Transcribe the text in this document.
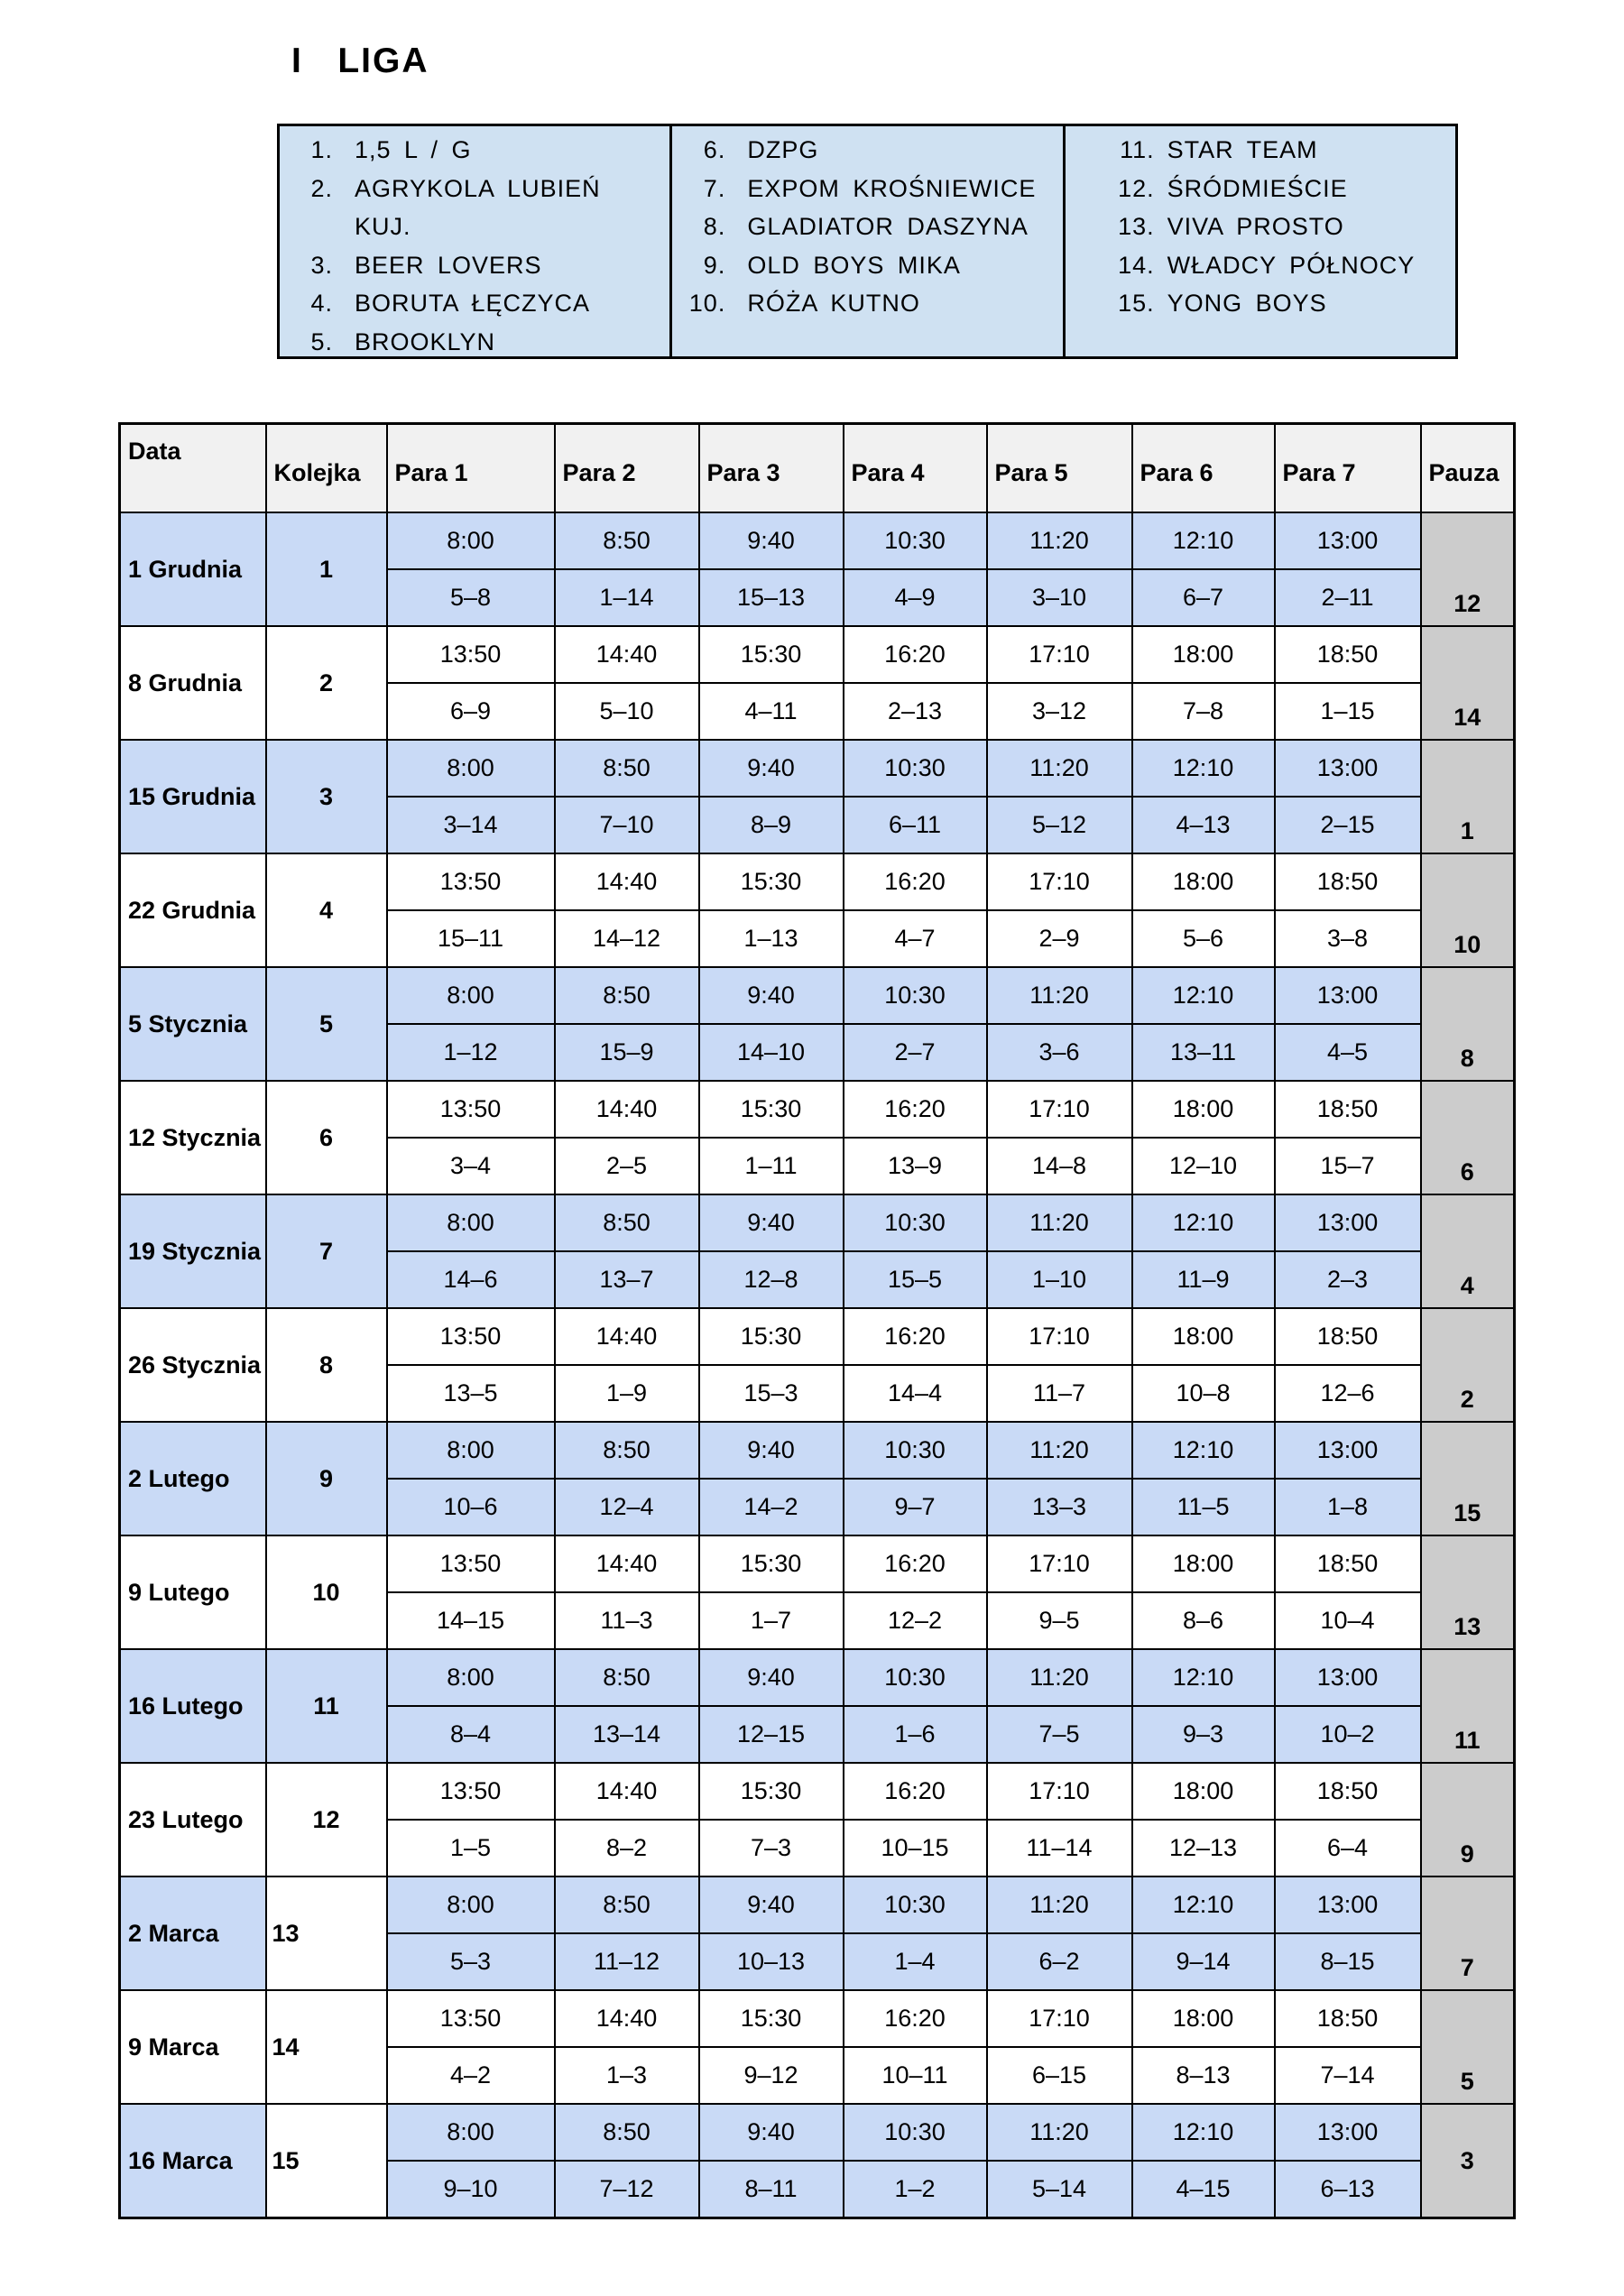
I   LIGA
1. 1,5 L / G
2. AGRYKOLA LUBIEŃ KUJ.
3. BEER LOVERS
4. BORUTA ŁĘCZYCA
5. BROOKLYN
6. DZPG
7. EXPOM KROŚNIEWICE
8. GLADIATOR DASZYNA
9. OLD BOYS MIKA
10. RÓŻA KUTNO
11. STAR TEAM
12. ŚRÓDMIEŚCIE
13. VIVA PROSTO
14. WŁADCY PÓŁNOCY
15. YONG BOYS
Data	Kolejka	Para 1	Para 2	Para 3	Para 4	Para 5	Para 6	Para 7	Pauza
1 Grudnia	1	8:00	8:50	9:40	10:30	11:20	12:10	13:00	12
		5–8	1–14	15–13	4–9	3–10	6–7	2–11	
8 Grudnia	2	13:50	14:40	15:30	16:20	17:10	18:00	18:50	14
		6–9	5–10	4–11	2–13	3–12	7–8	1–15	
15 Grudnia	3	8:00	8:50	9:40	10:30	11:20	12:10	13:00	1
		3–14	7–10	8–9	6–11	5–12	4–13	2–15	
22 Grudnia	4	13:50	14:40	15:30	16:20	17:10	18:00	18:50	10
		15–11	14–12	1–13	4–7	2–9	5–6	3–8	
5 Stycznia	5	8:00	8:50	9:40	10:30	11:20	12:10	13:00	8
		1–12	15–9	14–10	2–7	3–6	13–11	4–5	
12 Stycznia	6	13:50	14:40	15:30	16:20	17:10	18:00	18:50	6
		3–4	2–5	1–11	13–9	14–8	12–10	15–7	
19 Stycznia	7	8:00	8:50	9:40	10:30	11:20	12:10	13:00	4
		14–6	13–7	12–8	15–5	1–10	11–9	2–3	
26 Stycznia	8	13:50	14:40	15:30	16:20	17:10	18:00	18:50	2
		13–5	1–9	15–3	14–4	11–7	10–8	12–6	
2 Lutego	9	8:00	8:50	9:40	10:30	11:20	12:10	13:00	15
		10–6	12–4	14–2	9–7	13–3	11–5	1–8	
9 Lutego	10	13:50	14:40	15:30	16:20	17:10	18:00	18:50	13
		14–15	11–3	1–7	12–2	9–5	8–6	10–4	
16 Lutego	11	8:00	8:50	9:40	10:30	11:20	12:10	13:00	11
		8–4	13–14	12–15	1–6	7–5	9–3	10–2	
23 Lutego	12	13:50	14:40	15:30	16:20	17:10	18:00	18:50	9
		1–5	8–2	7–3	10–15	11–14	12–13	6–4	
2 Marca	13	8:00	8:50	9:40	10:30	11:20	12:10	13:00	7
		5–3	11–12	10–13	1–4	6–2	9–14	8–15	
9 Marca	14	13:50	14:40	15:30	16:20	17:10	18:00	18:50	5
		4–2	1–3	9–12	10–11	6–15	8–13	7–14	
16 Marca	15	8:00	8:50	9:40	10:30	11:20	12:10	13:00	3
		9–10	7–12	8–11	1–2	5–14	4–15	6–13	
